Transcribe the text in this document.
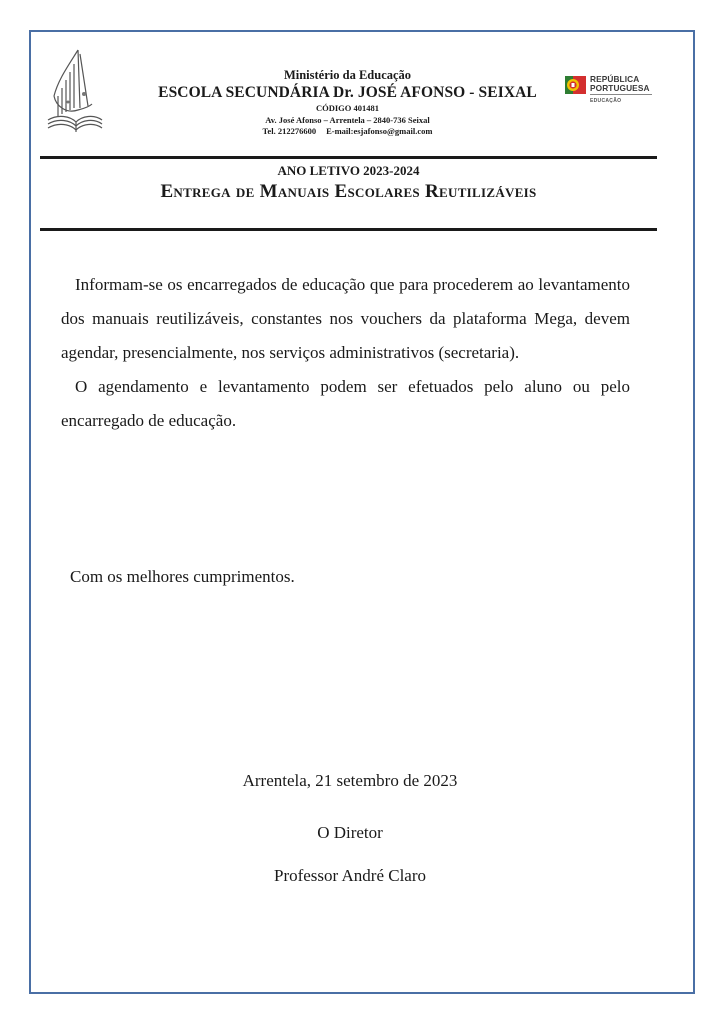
Ministério da Educação
ESCOLA SECUNDÁRIA Dr. JOSÉ AFONSO - SEIXAL
CÓDIGO 401481
Av. José Afonso – Arrentela – 2840-736 Seixal
Tel. 212276600 E-mail:esjafonso@gmail.com
REPÚBLICA
PORTUGUESA
EDUCAÇÃO
ANO LETIVO 2023-2024
Entrega de Manuais Escolares Reutilizáveis

Informam-se os encarregados de educação que para procederem ao levantamento dos manuais reutilizáveis, constantes nos vouchers da plataforma Mega, devem agendar, presencialmente, nos serviços administrativos (secretaria).

O agendamento e levantamento podem ser efetuados pelo aluno ou pelo encarregado de educação.

Com os melhores cumprimentos.
Arrentela, 21 setembro de 2023
O Diretor
Professor André Claro
